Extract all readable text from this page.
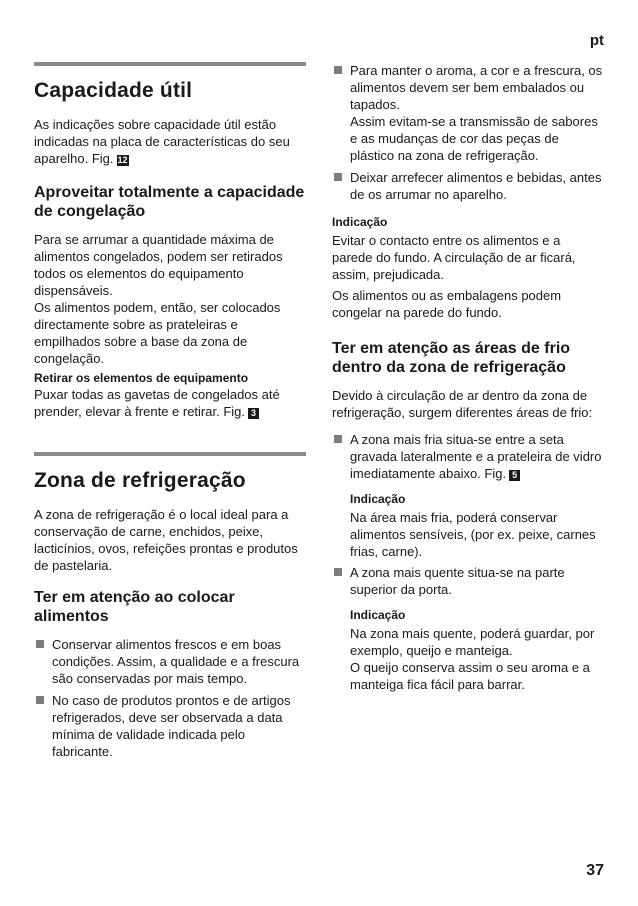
pt
Capacidade útil

As indicações sobre capacidade útil estão indicadas na placa de características do seu aparelho. Fig. 12

Aproveitar totalmente a capacidade de congelação

Para se arrumar a quantidade máxima de alimentos congelados, podem ser retirados todos os elementos do equipamento dispensáveis.

Os alimentos podem, então, ser colocados directamente sobre as prateleiras e empilhados sobre a base da zona de congelação.

Retirar os elementos de equipamento

Puxar todas as gavetas de congelados até prender, elevar à frente e retirar. Fig. 3

Zona de refrigeração

A zona de refrigeração é o local ideal para a conservação de carne, enchidos, peixe, lacticínios, ovos, refeições prontas e produtos de pastelaria.

Ter em atenção ao colocar alimentos
Conservar alimentos frescos e em boas condições. Assim, a qualidade e a frescura são conservadas por mais tempo.
No caso de produtos prontos e de artigos refrigerados, deve ser observada a data mínima de validade indicada pelo fabricante.
Para manter o aroma, a cor e a frescura, os alimentos devem ser bem embalados ou tapados.
Assim evitam-se a transmissão de sabores e as mudanças de cor das peças de plástico na zona de refrigeração.
Deixar arrefecer alimentos e bebidas, antes de os arrumar no aparelho.
Indicação

Evitar o contacto entre os alimentos e a parede do fundo. A circulação de ar ficará, assim, prejudicada.

Os alimentos ou as embalagens podem congelar na parede do fundo.

Ter em atenção as áreas de frio dentro da zona de refrigeração

Devido à circulação de ar dentro da zona de refrigeração, surgem diferentes áreas de frio:

A zona mais fria situa-se entre a seta gravada lateralmente e a prateleira de vidro imediatamente abaixo. Fig. 5
Indicação

Na área mais fria, poderá conservar alimentos sensíveis, (por ex. peixe, carnes frias, carne).

A zona mais quente situa-se na parte superior da porta.
Indicação

Na zona mais quente, poderá guardar, por exemplo, queijo e manteiga.

O queijo conserva assim o seu aroma e a manteiga fica fácil para barrar.

37
